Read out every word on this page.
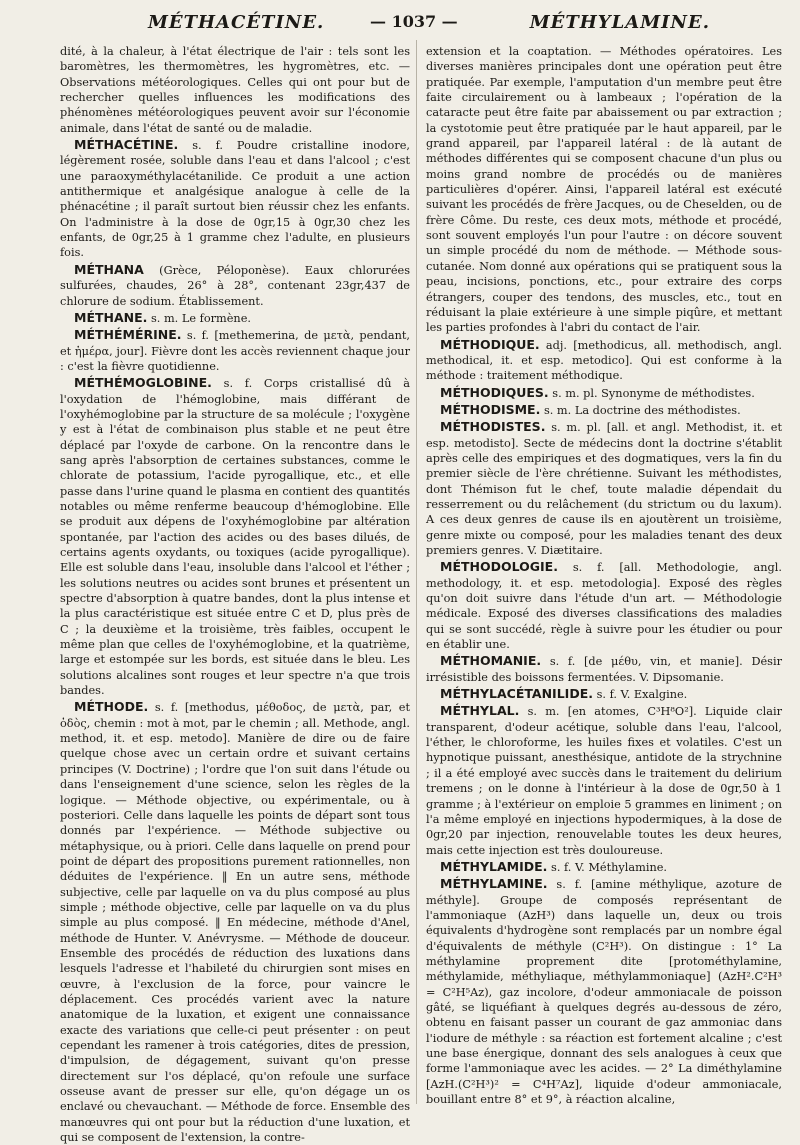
MÉTHACÉTINE.	— 1037 —	MÉTHYLAMINE.

dité, à la chaleur, à l'état électrique de l'air : tels sont les baromètres, les thermomètres, les hygromètres, etc. — Observations météorologiques. Celles qui ont pour but de rechercher quelles influences les modifications des phénomènes météorologiques peuvent avoir sur l'économie animale, dans l'état de santé ou de maladie.

MÉTHACÉTINE. s. f. Poudre cristalline inodore, légèrement rosée, soluble dans l'eau et dans l'alcool ; c'est une paraoxyméthylacétanilide. Ce produit a une action antithermique et analgésique analogue à celle de la phénacétine ; il paraît surtout bien réussir chez les enfants. On l'administre à la dose de 0gr,15 à 0gr,30 chez les enfants, de 0gr,25 à 1 gramme chez l'adulte, en plusieurs fois.

MÉTHANA (Grèce, Péloponèse). Eaux chlorurées sulfurées, chaudes, 26° à 28°, contenant 23gr,437 de chlorure de sodium. Établissement.

MÉTHANE. s. m. Le formène.

MÉTHÉMÉRINE. s. f. [methemerina, de μετὰ, pendant, et ἡμέρα, jour]. Fièvre dont les accès reviennent chaque jour : c'est la fièvre quotidienne.

MÉTHÉMOGLOBINE. s. f. Corps cristallisé dû à l'oxydation de l'hémoglobine, mais différant de l'oxyhémoglobine par la structure de sa molécule ; l'oxygène y est à l'état de combinaison plus stable et ne peut être déplacé par l'oxyde de carbone. On la rencontre dans le sang après l'absorption de certaines substances, comme le chlorate de potassium, l'acide pyrogallique, etc., et elle passe dans l'urine quand le plasma en contient des quantités notables ou même renferme beaucoup d'hémoglobine. Elle se produit aux dépens de l'oxyhémoglobine par altération spontanée, par l'action des acides ou des bases dilués, de certains agents oxydants, ou toxiques (acide pyrogallique). Elle est soluble dans l'eau, insoluble dans l'alcool et l'éther ; les solutions neutres ou acides sont brunes et présentent un spectre d'absorption à quatre bandes, dont la plus intense et la plus caractéristique est située entre C et D, plus près de C ; la deuxième et la troisième, très faibles, occupent le même plan que celles de l'oxyhémoglobine, et la quatrième, large et estompée sur les bords, est située dans le bleu. Les solutions alcalines sont rouges et leur spectre n'a que trois bandes.

MÉTHODE. s. f. [methodus, μέθοδος, de μετὰ, par, et ὁδὸς, chemin : mot à mot, par le chemin ; all. Methode, angl. method, it. et esp. metodo]. Manière de dire ou de faire quelque chose avec un certain ordre et suivant certains principes (V. Doctrine) ; l'ordre que l'on suit dans l'étude ou dans l'enseignement d'une science, selon les règles de la logique. — Méthode objective, ou expérimentale, ou à posteriori. Celle dans laquelle les points de départ sont tous donnés par l'expérience. — Méthode subjective ou métaphysique, ou à priori. Celle dans laquelle on prend pour point de départ des propositions purement rationnelles, non déduites de l'expérience. ‖ En un autre sens, méthode subjective, celle par laquelle on va du plus composé au plus simple ; méthode objective, celle par laquelle on va du plus simple au plus composé. ‖ En médecine, méthode d'Anel, méthode de Hunter. V. Anévrysme. — Méthode de douceur. Ensemble des procédés de réduction des luxations dans lesquels l'adresse et l'habileté du chirurgien sont mises en œuvre, à l'exclusion de la force, pour vaincre le déplacement. Ces procédés varient avec la nature anatomique de la luxation, et exigent une connaissance exacte des variations que celle-ci peut présenter : on peut cependant les ramener à trois catégories, dites de pression, d'impulsion, de dégagement, suivant qu'on presse directement sur l'os déplacé, qu'on refoule une surface osseuse avant de presser sur elle, qu'on dégage un os enclavé ou chevauchant. — Méthode de force. Ensemble des manœuvres qui ont pour but la réduction d'une luxation, et qui se composent de l'extension, la contre-

extension et la coaptation. — Méthodes opératoires. Les diverses manières principales dont une opération peut être pratiquée. Par exemple, l'amputation d'un membre peut être faite circulairement ou à lambeaux ; l'opération de la cataracte peut être faite par abaissement ou par extraction ; la cystotomie peut être pratiquée par le haut appareil, par le grand appareil, par l'appareil latéral : de là autant de méthodes différentes qui se composent chacune d'un plus ou moins grand nombre de procédés ou de manières particulières d'opérer. Ainsi, l'appareil latéral est exécuté suivant les procédés de frère Jacques, ou de Cheselden, ou de frère Côme. Du reste, ces deux mots, méthode et procédé, sont souvent employés l'un pour l'autre : on décore souvent un simple procédé du nom de méthode. — Méthode sous-cutanée. Nom donné aux opérations qui se pratiquent sous la peau, incisions, ponctions, etc., pour extraire des corps étrangers, couper des tendons, des muscles, etc., tout en réduisant la plaie extérieure à une simple piqûre, et mettant les parties profondes à l'abri du contact de l'air.

MÉTHODIQUE. adj. [methodicus, all. methodisch, angl. methodical, it. et esp. metodico]. Qui est conforme à la méthode : traitement méthodique.

MÉTHODIQUES. s. m. pl. Synonyme de méthodistes.

MÉTHODISME. s. m. La doctrine des méthodistes.

MÉTHODISTES. s. m. pl. [all. et angl. Methodist, it. et esp. metodisto]. Secte de médecins dont la doctrine s'établit après celle des empiriques et des dogmatiques, vers la fin du premier siècle de l'ère chrétienne. Suivant les méthodistes, dont Thémison fut le chef, toute maladie dépendait du resserrement ou du relâchement (du strictum ou du laxum). A ces deux genres de cause ils en ajoutèrent un troisième, genre mixte ou composé, pour les maladies tenant des deux premiers genres. V. Diætitaire.

MÉTHODOLOGIE. s. f. [all. Methodologie, angl. methodology, it. et esp. metodologia]. Exposé des règles qu'on doit suivre dans l'étude d'un art. — Méthodologie médicale. Exposé des diverses classifications des maladies qui se sont succédé, règle à suivre pour les étudier ou pour en établir une.

MÉTHOMANIE. s. f. [de μέθυ, vin, et manie]. Désir irrésistible des boissons fermentées. V. Dipsomanie.

MÉTHYLACÉTANILIDE. s. f. V. Exalgine.

MÉTHYLAL. s. m. [en atomes, C³H⁸O²]. Liquide clair transparent, d'odeur acétique, soluble dans l'eau, l'alcool, l'éther, le chloroforme, les huiles fixes et volatiles. C'est un hypnotique puissant, anesthésique, antidote de la strychnine ; il a été employé avec succès dans le traitement du delirium tremens ; on le donne à l'intérieur à la dose de 0gr,50 à 1 gramme ; à l'extérieur on emploie 5 grammes en liniment ; on l'a même employé en injections hypodermiques, à la dose de 0gr,20 par injection, renouvelable toutes les deux heures, mais cette injection est très douloureuse.

MÉTHYLAMIDE. s. f. V. Méthylamine.

MÉTHYLAMINE. s. f. [amine méthylique, azoture de méthyle]. Groupe de composés représentant de l'ammoniaque (AzH³) dans laquelle un, deux ou trois équivalents d'hydrogène sont remplacés par un nombre égal d'équivalents de méthyle (C²H³). On distingue : 1° La méthylamine proprement dite [protométhylamine, méthylamide, méthyliaque, méthylammoniaque] (AzH².C²H³ = C²H⁵Az), gaz incolore, d'odeur ammoniacale de poisson gâté, se liquéfiant à quelques degrés au-dessous de zéro, obtenu en faisant passer un courant de gaz ammoniac dans l'iodure de méthyle : sa réaction est fortement alcaline ; c'est une base énergique, donnant des sels analogues à ceux que forme l'ammoniaque avec les acides. — 2° La diméthylamine [AzH.(C²H³)² = C⁴H⁷Az], liquide d'odeur ammoniacale, bouillant entre 8° et 9°, à réaction alcaline,
